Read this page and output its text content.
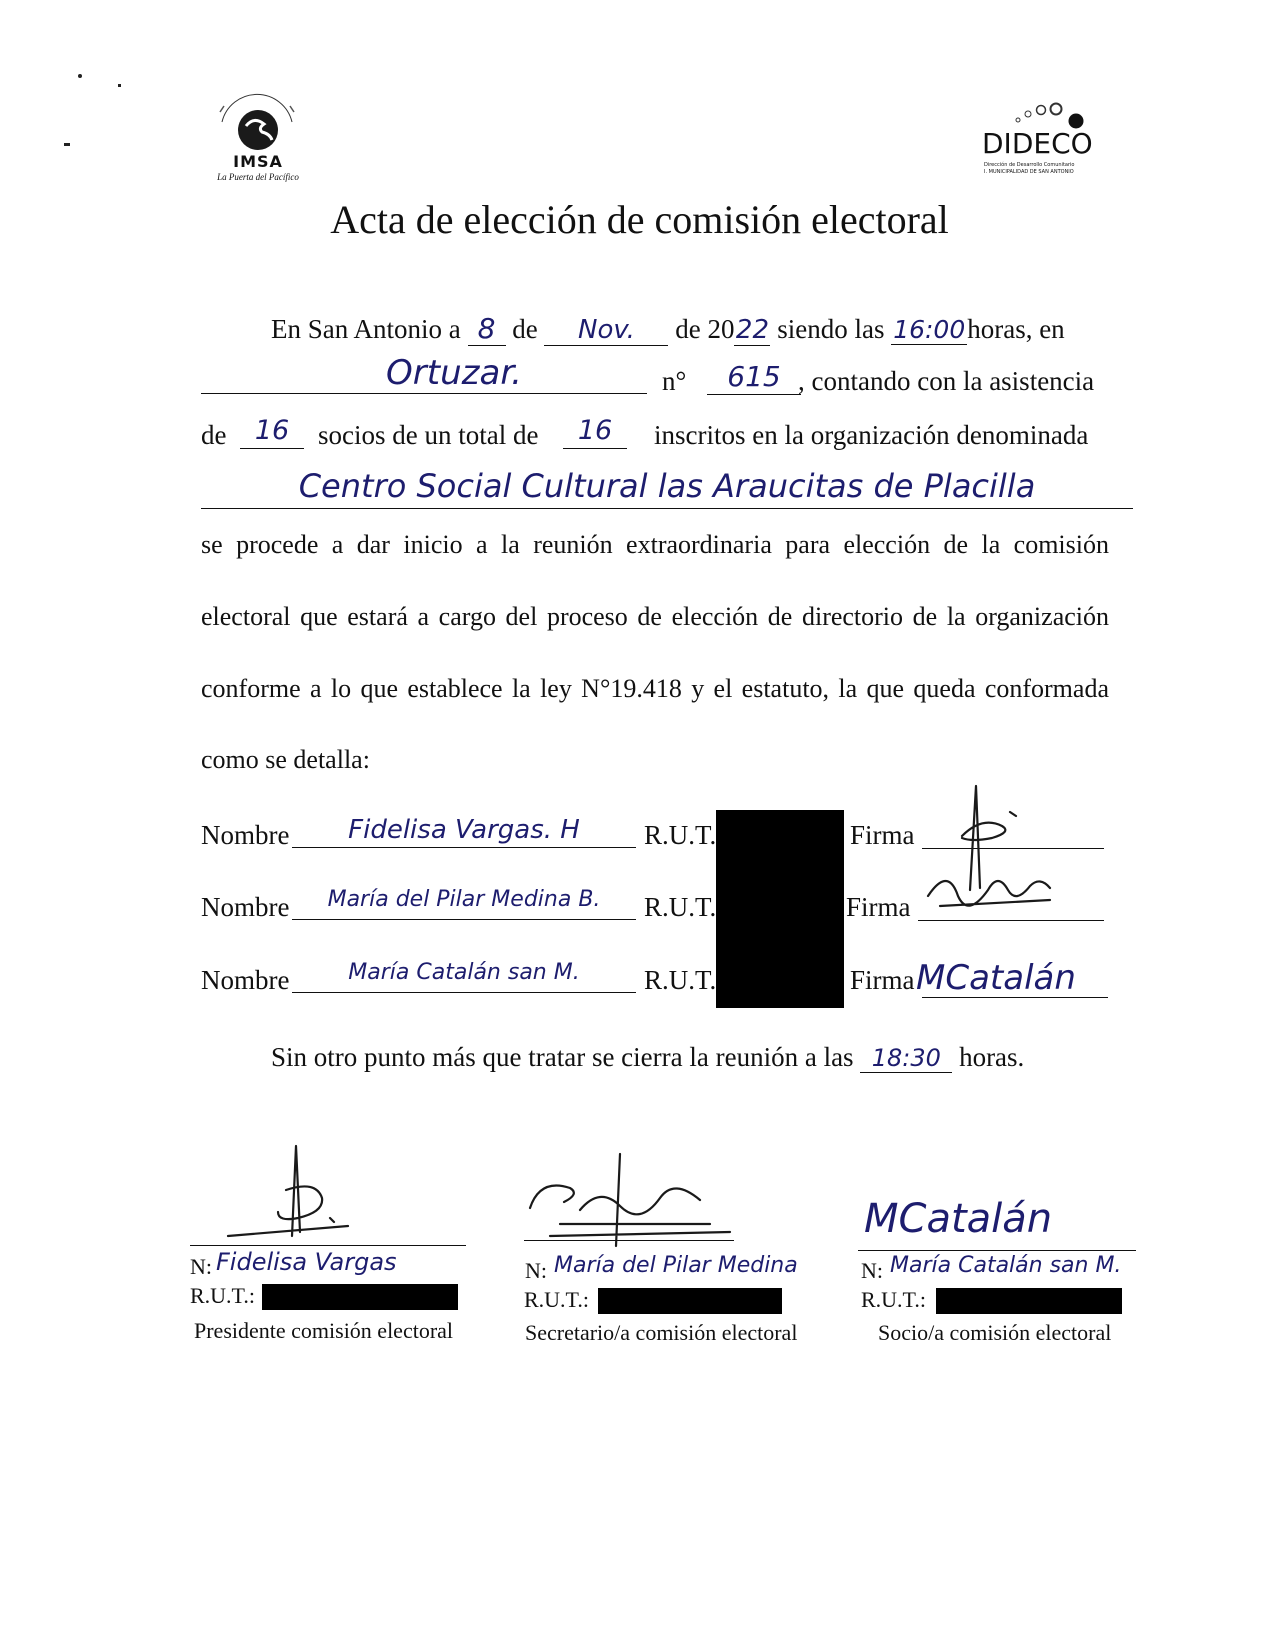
IMSA
La Puerta del Pacífico
DIDECO
Dirección de Desarrollo Comunitario
I. MUNICIPALIDAD DE SAN ANTONIO
Acta de elección de comisión electoral
En San Antonio a 8 de Nov. de 2022 siendo las 16:00horas, en
Ortuzar.	n°	615 , contando con la asistencia
de	16	socios de un total de	16	inscritos en la organización denominada
Centro Social Cultural las Araucitas de Placilla
se procede a dar inicio a la reunión extraordinaria para elección de la comisión
electoral que estará a cargo del proceso de elección de directorio de la organización
conforme a lo que establece la ley N°19.418 y el estatuto, la que queda conformada
como se detalla:
Nombre	Fidelisa Vargas. H	R.U.T.	Firma
Nombre	María del Pilar Medina B.	R.U.T.	Firma
Nombre	María Catalán san M.	R.U.T.	Firma MCatalán
Sin otro punto más que tratar se cierra la reunión a las 18:30 horas.
N: Fidelisa Vargas
R.U.T.:
Presidente comisión electoral
N: María del Pilar Medina
R.U.T.:
Secretario/a comisión electoral
MCatalán
N: María Catalán san M.
R.U.T.:
Socio/a comisión electoral
